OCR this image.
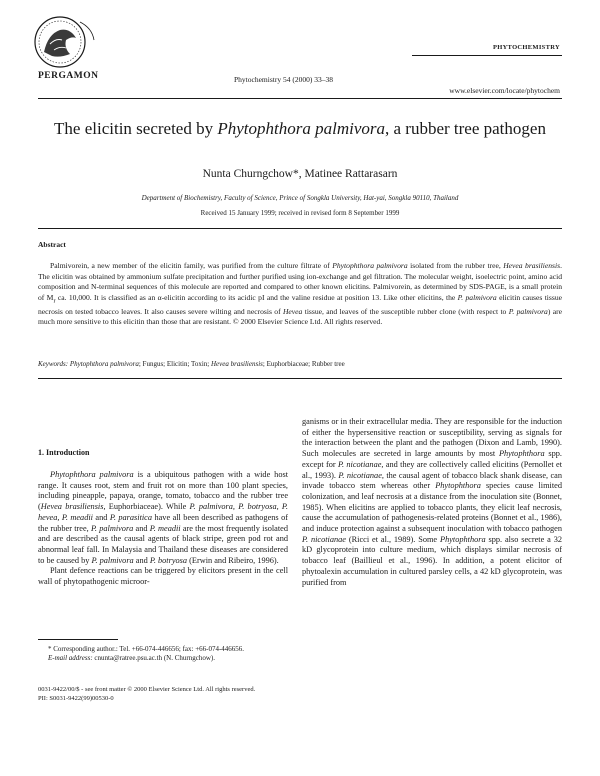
PERGAMON
PHYTOCHEMISTRY
Phytochemistry 54 (2000) 33–38
www.elsevier.com/locate/phytochem
The elicitin secreted by Phytophthora palmivora, a rubber tree pathogen
Nunta Churngchow*, Matinee Rattarasarn
Department of Biochemistry, Faculty of Science, Prince of Songkla University, Hat-yai, Songkla 90110, Thailand
Received 15 January 1999; received in revised form 8 September 1999
Abstract
Palmivorein, a new member of the elicitin family, was purified from the culture filtrate of Phytophthora palmivora isolated from the rubber tree, Hevea brasiliensis. The elicitin was obtained by ammonium sulfate precipitation and further purified using ion-exchange and gel filtration. The molecular weight, isoelectric point, amino acid composition and N-terminal sequences of this molecule are reported and compared to other known elicitins. Palmivorein, as determined by SDS-PAGE, is a small protein of $M_r$ ca. 10,000. It is classified as an α-elicitin according to its acidic pI and the valine residue at position 13. Like other elicitins, the P. palmivora elicitin causes tissue necrosis on tested tobacco leaves. It also causes severe wilting and necrosis of Hevea tissue, and leaves of the susceptible rubber clone (with respect to P. palmivora) are much more sensitive to this elicitin than those that are resistant. © 2000 Elsevier Science Ltd. All rights reserved.
Keywords: Phytophthora palmivora; Fungus; Elicitin; Toxin; Hevea brasiliensis; Euphorbiaceae; Rubber tree
1. Introduction

Phytophthora palmivora is a ubiquitous pathogen with a wide host range. It causes root, stem and fruit rot on more than 100 plant species, including pineapple, papaya, orange, tomato, tobacco and the rubber tree (Hevea brasiliensis, Euphorbiaceae). While P. palmivora, P. botryosa, P. hevea, P. meadii and P. parasitica have all been described as pathogens of the rubber tree, P. palmivora and P. meadii are the most frequently isolated and are described as the causal agents of black stripe, green pod rot and abnormal leaf fall. In Malaysia and Thailand these diseases are considered to be caused by P. palmivora and P. botryosa (Erwin and Ribeiro, 1996).

Plant defence reactions can be triggered by elicitors present in the cell wall of phytopathogenic microor-

ganisms or in their extracellular media. They are responsible for the induction of either the hypersensitive reaction or susceptibility, serving as signals for the interaction between the plant and the pathogen (Dixon and Lamb, 1990). Such molecules are secreted in large amounts by most Phytophthora spp. except for P. nicotianae, and they are collectively called elicitins (Pernollet et al., 1993). P. nicotianae, the causal agent of tobacco black shank disease, can invade tobacco stem whereas other Phytophthora species cause limited colonization, and leaf necrosis at a distance from the inoculation site (Bonnet, 1985). When elicitins are applied to tobacco plants, they elicit leaf necrosis, cause the accumulation of pathogenesis-related proteins (Bonnet et al., 1986), and induce protection against a subsequent inoculation with tobacco pathogen P. nicotianae (Ricci et al., 1989). Some Phytophthora spp. also secrete a 32 kD glycoprotein into culture medium, which displays similar necrosis of tobacco leaf (Baillieul et al., 1996). In addition, a potent elicitor of phytoalexin accumulation in cultured parsley cells, a 42 kD glycoprotein, was purified from

* Corresponding author.: Tel. +66-074-446656; fax: +66-074-446656.

E-mail address: cnunta@ratree.psu.ac.th (N. Churngchow).

0031-9422/00/$ - see front matter © 2000 Elsevier Science Ltd. All rights reserved.
PII: S0031-9422(99)00530-0
